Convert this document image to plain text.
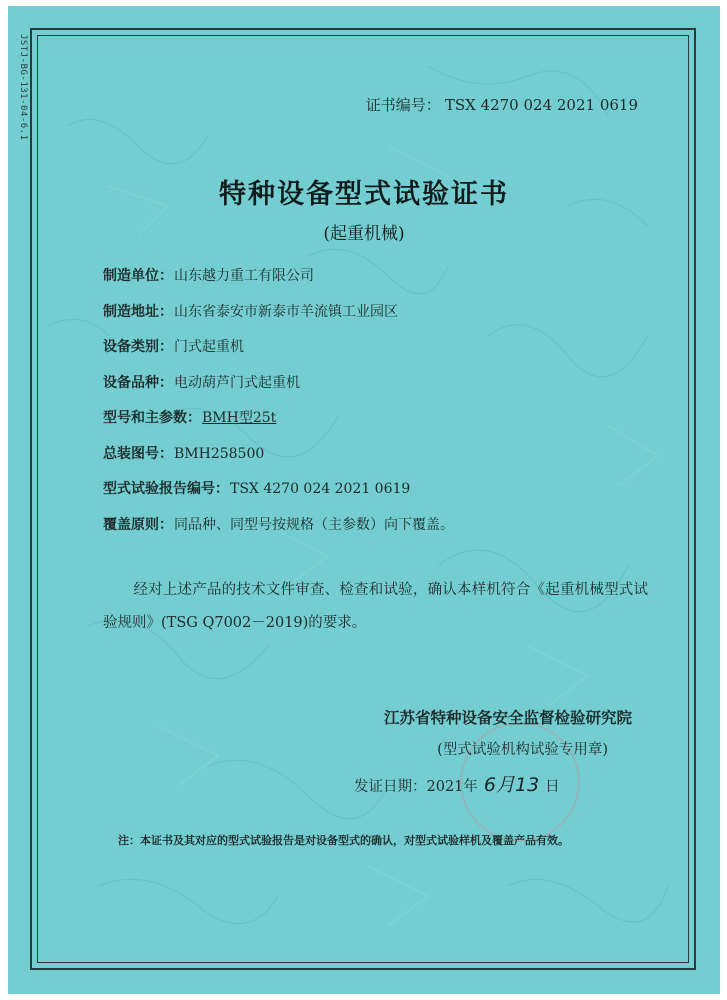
JSTJ-BG-131-04-6.1	证书编号： TSX 4270 024 2021 0619
特种设备型式试验证书
(起重机械)
制造单位：山东越力重工有限公司
制造地址：山东省泰安市新泰市羊流镇工业园区
设备类别：门式起重机
设备品种：电动葫芦门式起重机
型号和主参数：BMH型25t
总装图号：BMH258500
型式试验报告编号：TSX 4270 024 2021 0619
覆盖原则：同品种、同型号按规格（主参数）向下覆盖。
经对上述产品的技术文件审查、检查和试验，确认本样机符合《起重机械型式试验规则》(TSG Q7002－2019)的要求。
江苏省特种设备安全监督检验研究院
(型式试验机构试验专用章)
发证日期：2021年 6月13 日
注：本证书及其对应的型式试验报告是对设备型式的确认，对型式试验样机及覆盖产品有效。
